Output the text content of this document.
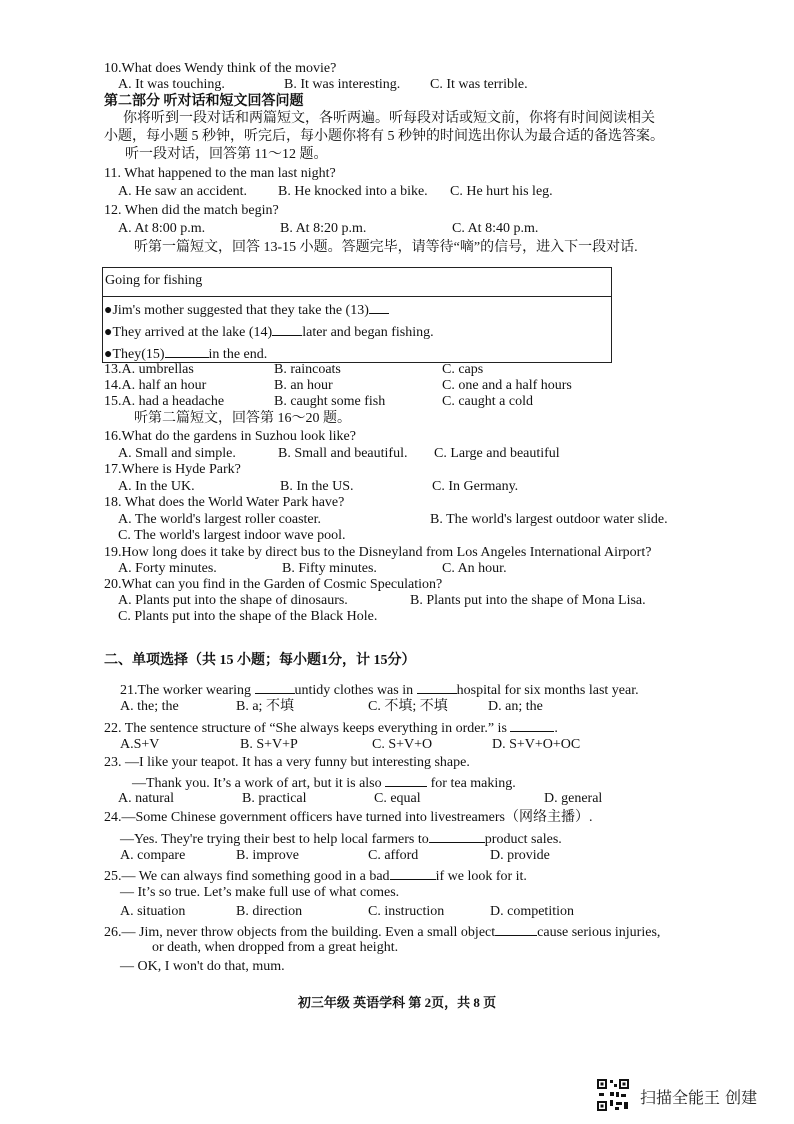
10.What does Wendy think of the movie?
A. It was touching.	B. It was interesting. C. It was terrible.
第二部分 听对话和短文回答问题
你将听到一段对话和两篇短文，各听两遍。听每段对话或短文前，你将有时间阅读相关
小题，每小题 5 秒钟，听完后，每小题你将有 5 秒钟的时间选出你认为最合适的备选答案。
听一段对话，回答第 11～12 题。
11. What happened to the man last night?
A. He saw an accident. B. He knocked into a bike. C. He hurt his leg.
12. When did the match begin?
A. At 8:00 p.m.	B. At 8:20 p.m.	C. At 8:40 p.m.
听第一篇短文，回答 13-15 小题。答题完毕，请等待“嘀”的信号，进入下一段对话.
Going for fishing
●Jim's mother suggested that they take the (13)
●They arrived at the lake (14) later and began fishing.
●They(15)	in the end.
13.A. umbrellas	B. raincoats	C. caps
14.A. half an hour	B. an hour	C. one and a half hours
15.A. had a headache	B. caught some fish	C. caught a cold
听第二篇短文，回答第 16～20 题。
16.What do the gardens in Suzhou look like?
A. Small and simple.	B. Small and beautiful. C. Large and beautiful
17.Where is Hyde Park?
A. In the UK.	B. In the US.	C. In Germany.
18. What does the World Water Park have?
A. The world's largest roller coaster.	B. The world's largest outdoor water slide.
C. The world's largest indoor wave pool.
19.How long does it take by direct bus to the Disneyland from Los Angeles International Airport?
A. Forty minutes.	B. Fifty minutes.	C. An hour.
20.What can you find in the Garden of Cosmic Speculation?
A. Plants put into the shape of dinosaurs.	B. Plants put into the shape of Mona Lisa.
C. Plants put into the shape of the Black Hole.
二、单项选择（共 15 小题；每小题1分，计 15分）
21.The worker wearing	untidy clothes was in	hospital for six months last year.
A. the; the	B. a; 不填	C. 不填; 不填	D. an; the
22. The sentence structure of “She always keeps everything in order.” is	.
A.S+V	B. S+V+P	C. S+V+O	D. S+V+O+OC
23. —I like your teapot. It has a very funny but interesting shape.
—Thank you. It’s a work of art, but it is also	for tea making.
A. natural	B. practical	C. equal	D. general
24.—Some Chinese government officers have turned into livestreamers（网络主播）.
—Yes. They're trying their best to help local farmers to	product sales.
A. compare	B. improve	C. afford	D. provide
25.— We can always find something good in a bad	if we look for it.
— It’s so true. Let’s make full use of what comes.
A. situation	B. direction	C. instruction	D. competition
26.— Jim, never throw objects from the building. Even a small object	cause serious injuries,
or death, when dropped from a great height.
— OK, I won't do that, mum.
初三年级 英语学科 第 2页，共 8 页
扫描全能王 创建
